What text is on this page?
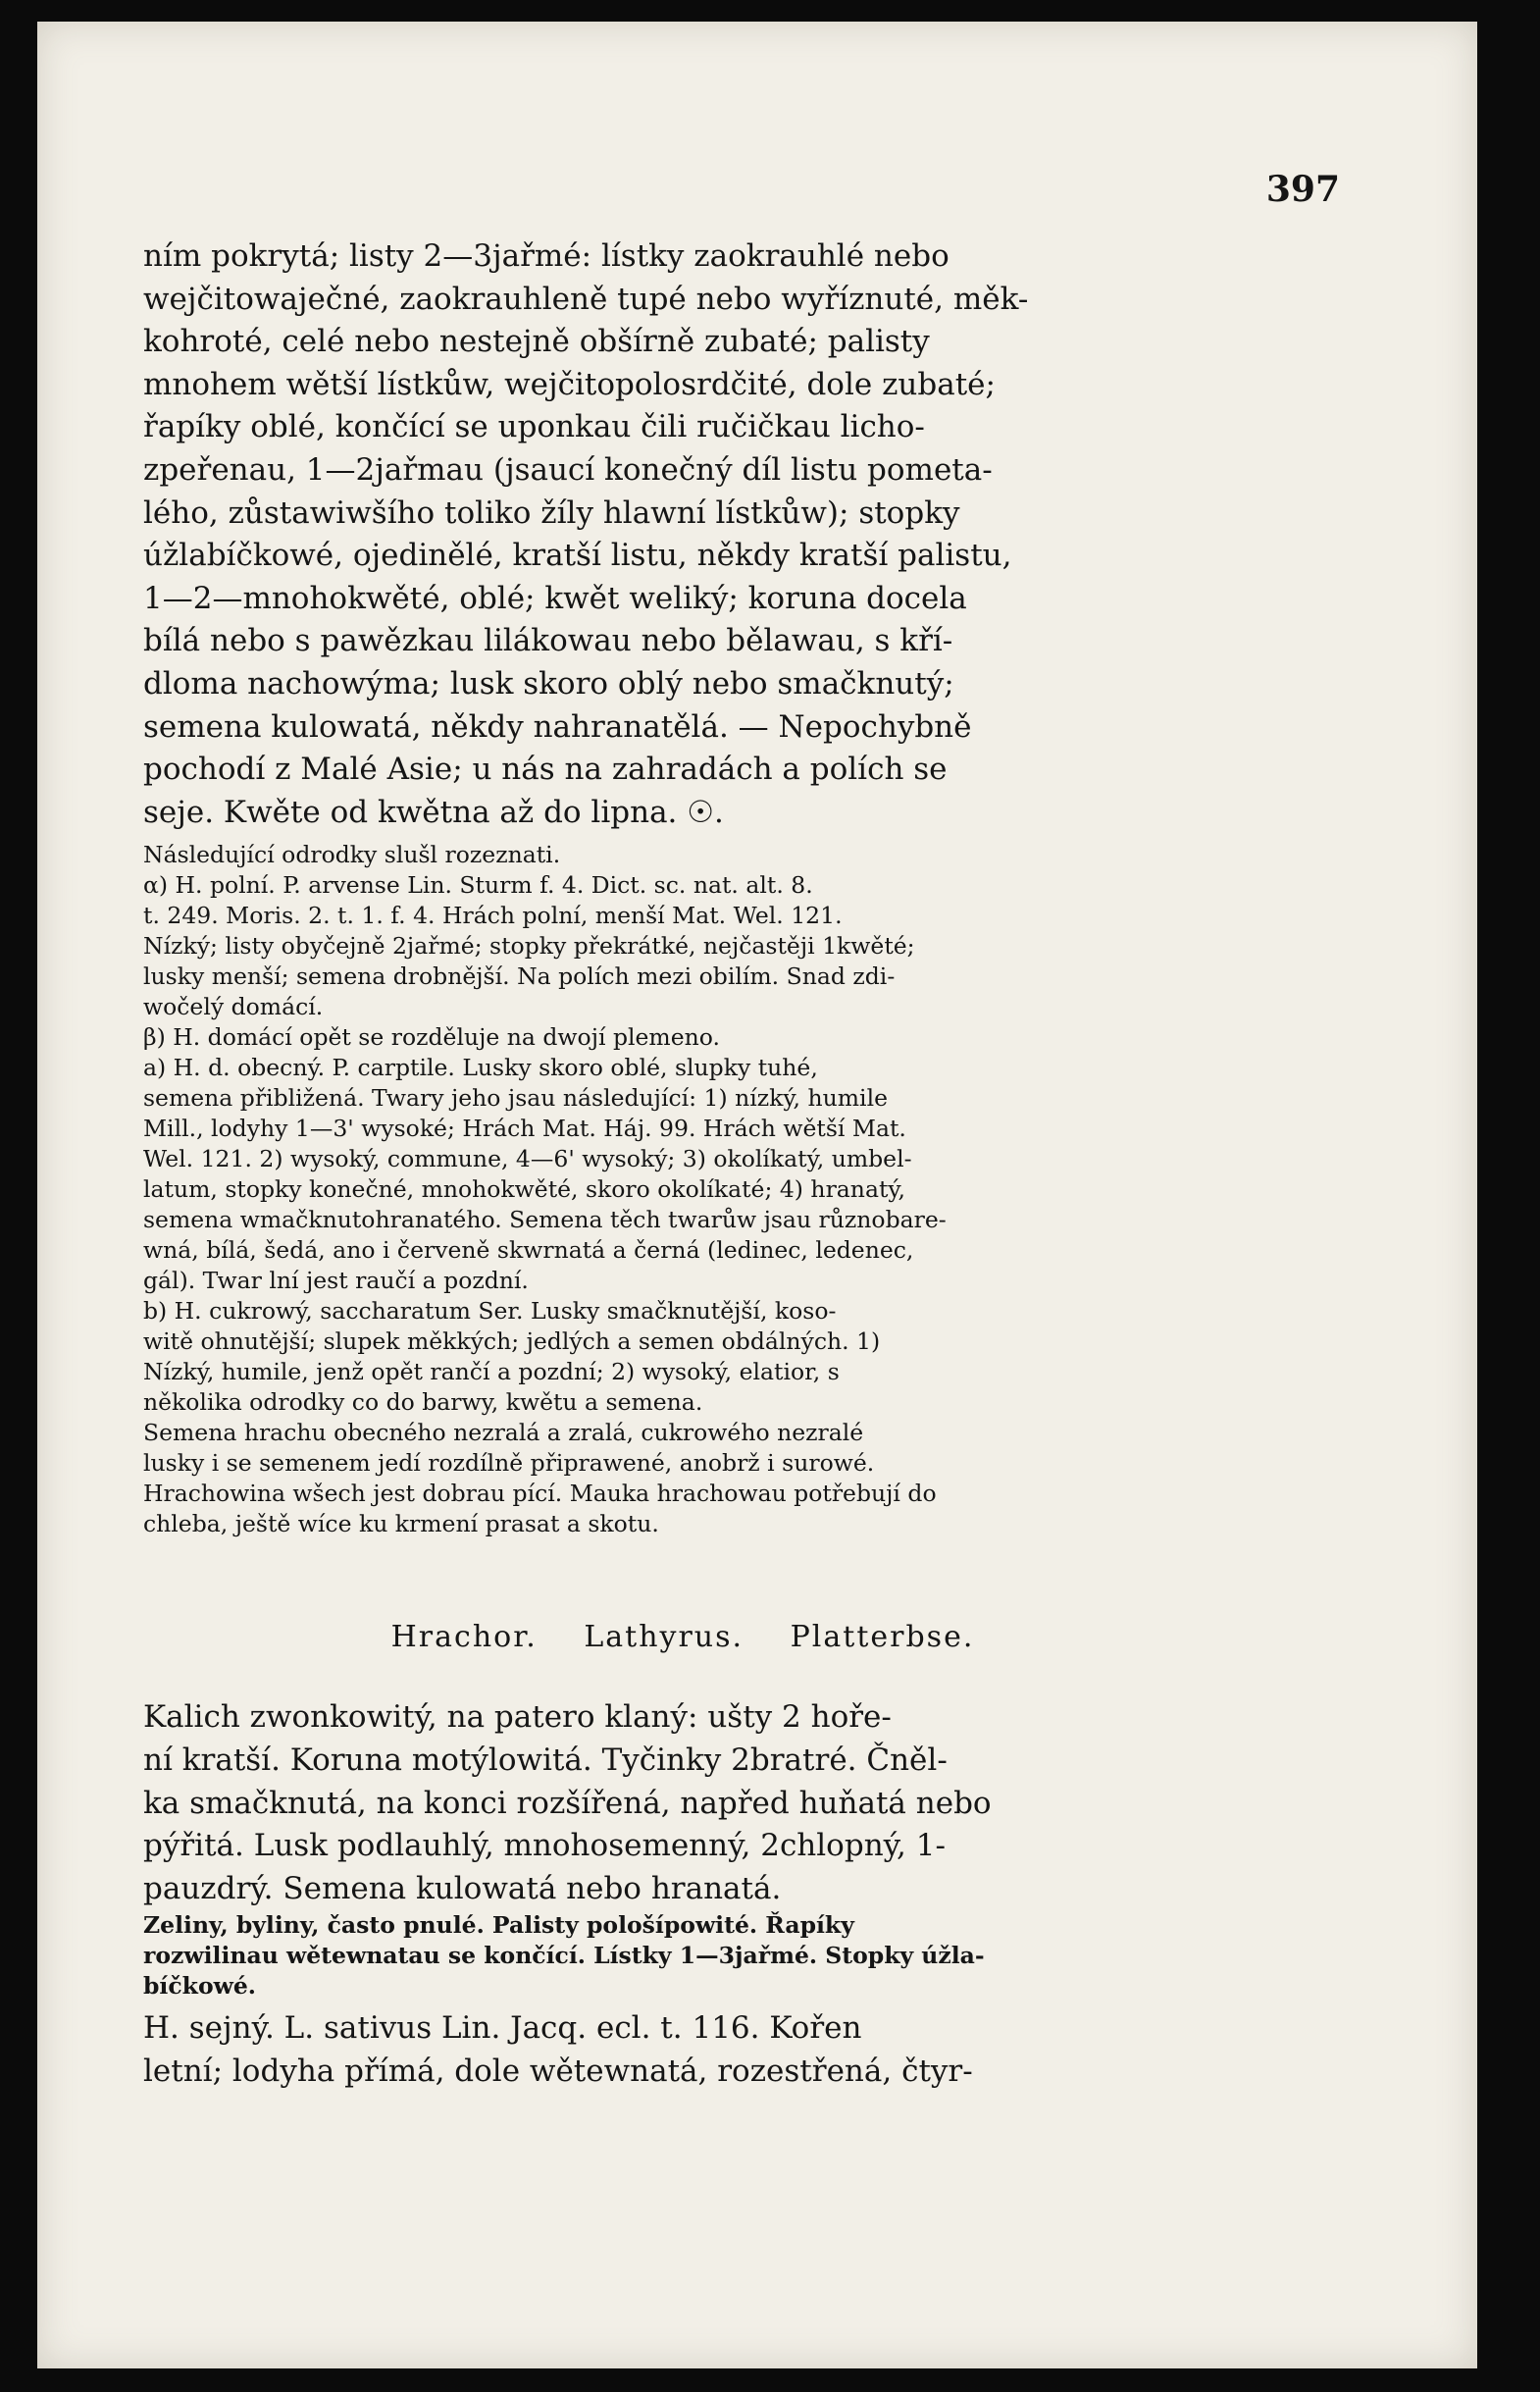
397
ním pokrytá; listy 2—3jařmé: lístky zaokrauhlé nebo
wejčitowaječné, zaokrauhleně tupé nebo wyříznuté, měk-
kohroté, celé nebo nestejně obšírně zubaté; palisty
mnohem wětší lístkůw, wejčitopolosrdčité, dole zubaté;
řapíky oblé, končící se uponkau čili ručičkau licho-
zpeřenau, 1—2jařmau (jsaucí konečný díl listu pometa-
lého, zůstawiwšího toliko žíly hlawní lístkůw); stopky
úžlabíčkowé, ojedinělé, kratší listu, někdy kratší palistu,
1—2—mnohokwěté, oblé; kwět weliký; koruna docela
bílá nebo s pawězkau lilákowau nebo bělawau, s kří-
dloma nachowýma; lusk skoro oblý nebo smačknutý;
semena kulowatá, někdy nahranatělá. — Nepochybně
pochodí z Malé Asie; u nás na zahradách a polích se
seje. Kwěte od kwětna až do lipna. ☉.
Následující odrodky slušl rozeznati.
α) H. polní. P. arvense Lin. Sturm f. 4. Dict. sc. nat. alt. 8.
t. 249. Moris. 2. t. 1. f. 4. Hrách polní, menší Mat. Wel. 121.
Nízký; listy obyčejně 2jařmé; stopky překrátké, nejčastěji 1kwěté;
lusky menší; semena drobnější. Na polích mezi obilím. Snad zdi-
wočelý domácí.
β) H. domácí opět se rozděluje na dwojí plemeno.
a) H. d. obecný. P. carptile. Lusky skoro oblé, slupky tuhé,
semena přibližená. Twary jeho jsau následující: 1) nízký, humile
Mill., lodyhy 1—3' wysoké; Hrách Mat. Háj. 99. Hrách wětší Mat.
Wel. 121. 2) wysoký, commune, 4—6' wysoký; 3) okolíkatý, umbel-
latum, stopky konečné, mnohokwěté, skoro okolíkaté; 4) hranatý,
semena wmačknutohranatého. Semena těch twarůw jsau různobare-
wná, bílá, šedá, ano i červeně skwrnatá a černá (ledinec, ledenec,
gál). Twar lní jest raučí a pozdní.
b) H. cukrowý, saccharatum Ser. Lusky smačknutější, koso-
witě ohnutější; slupek měkkých; jedlých a semen obdálných. 1)
Nízký, humile, jenž opět rančí a pozdní; 2) wysoký, elatior, s
několika odrodky co do barwy, kwětu a semena.
Semena hrachu obecného nezralá a zralá, cukrowého nezralé
lusky i se semenem jedí rozdílně připrawené, anobrž i surowé.
Hrachowina wšech jest dobrau pící. Mauka hrachowau potřebují do
chleba, ještě wíce ku krmení prasat a skotu.
Hrachor. Lathyrus. Platterbse.
Kalich zwonkowitý, na patero klaný: ušty 2 hoře-
ní kratší. Koruna motýlowitá. Tyčinky 2bratré. Čněl-
ka smačknutá, na konci rozšířená, napřed huňatá nebo
pýřitá. Lusk podlauhlý, mnohosemenný, 2chlopný, 1-
pauzdrý. Semena kulowatá nebo hranatá.
Zeliny, byliny, často pnulé. Palisty pološípowité. Řapíky
rozwilinau wětewnatau se končící. Lístky 1—3jařmé. Stopky úžla-
bíčkowé.
H. sejný. L. sativus Lin. Jacq. ecl. t. 116. Kořen
letní; lodyha přímá, dole wětewnatá, rozestřená, čtyr-
